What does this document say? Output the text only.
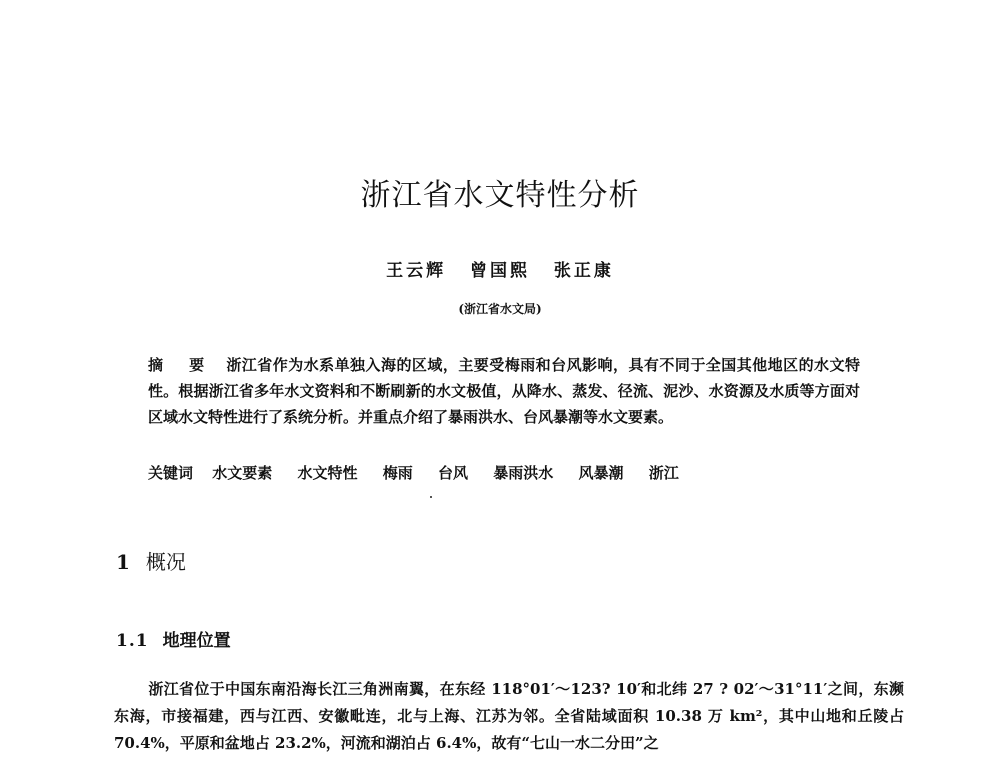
浙江省水文特性分析
王云辉 曾国熙 张正康
(浙江省水文局)
摘 要 浙江省作为水系单独入海的区域，主要受梅雨和台风影响，具有不同于全国其他地区的水文特性。根据浙江省多年水文资料和不断刷新的水文极值，从降水、蒸发、径流、泥沙、水资源及水质等方面对区域水文特性进行了系统分析。并重点介绍了暴雨洪水、台风暴潮等水文要素。
关键词 水文要素 水文特性 梅雨 台风 暴雨洪水 风暴潮 浙江
1 概况
1.1 地理位置
浙江省位于中国东南沿海长江三角洲南翼，在东经 118°01′～123? 10′和北纬 27 ? 02′～31°11′之间，东濒东海，市接福建，西与江西、安徽毗连，北与上海、江苏为邻。全省陆域面积 10.38 万 km²，其中山地和丘陵占 70.4%，平原和盆地占 23.2%，河流和湖泊占 6.4%，故有“七山一水二分田”之
